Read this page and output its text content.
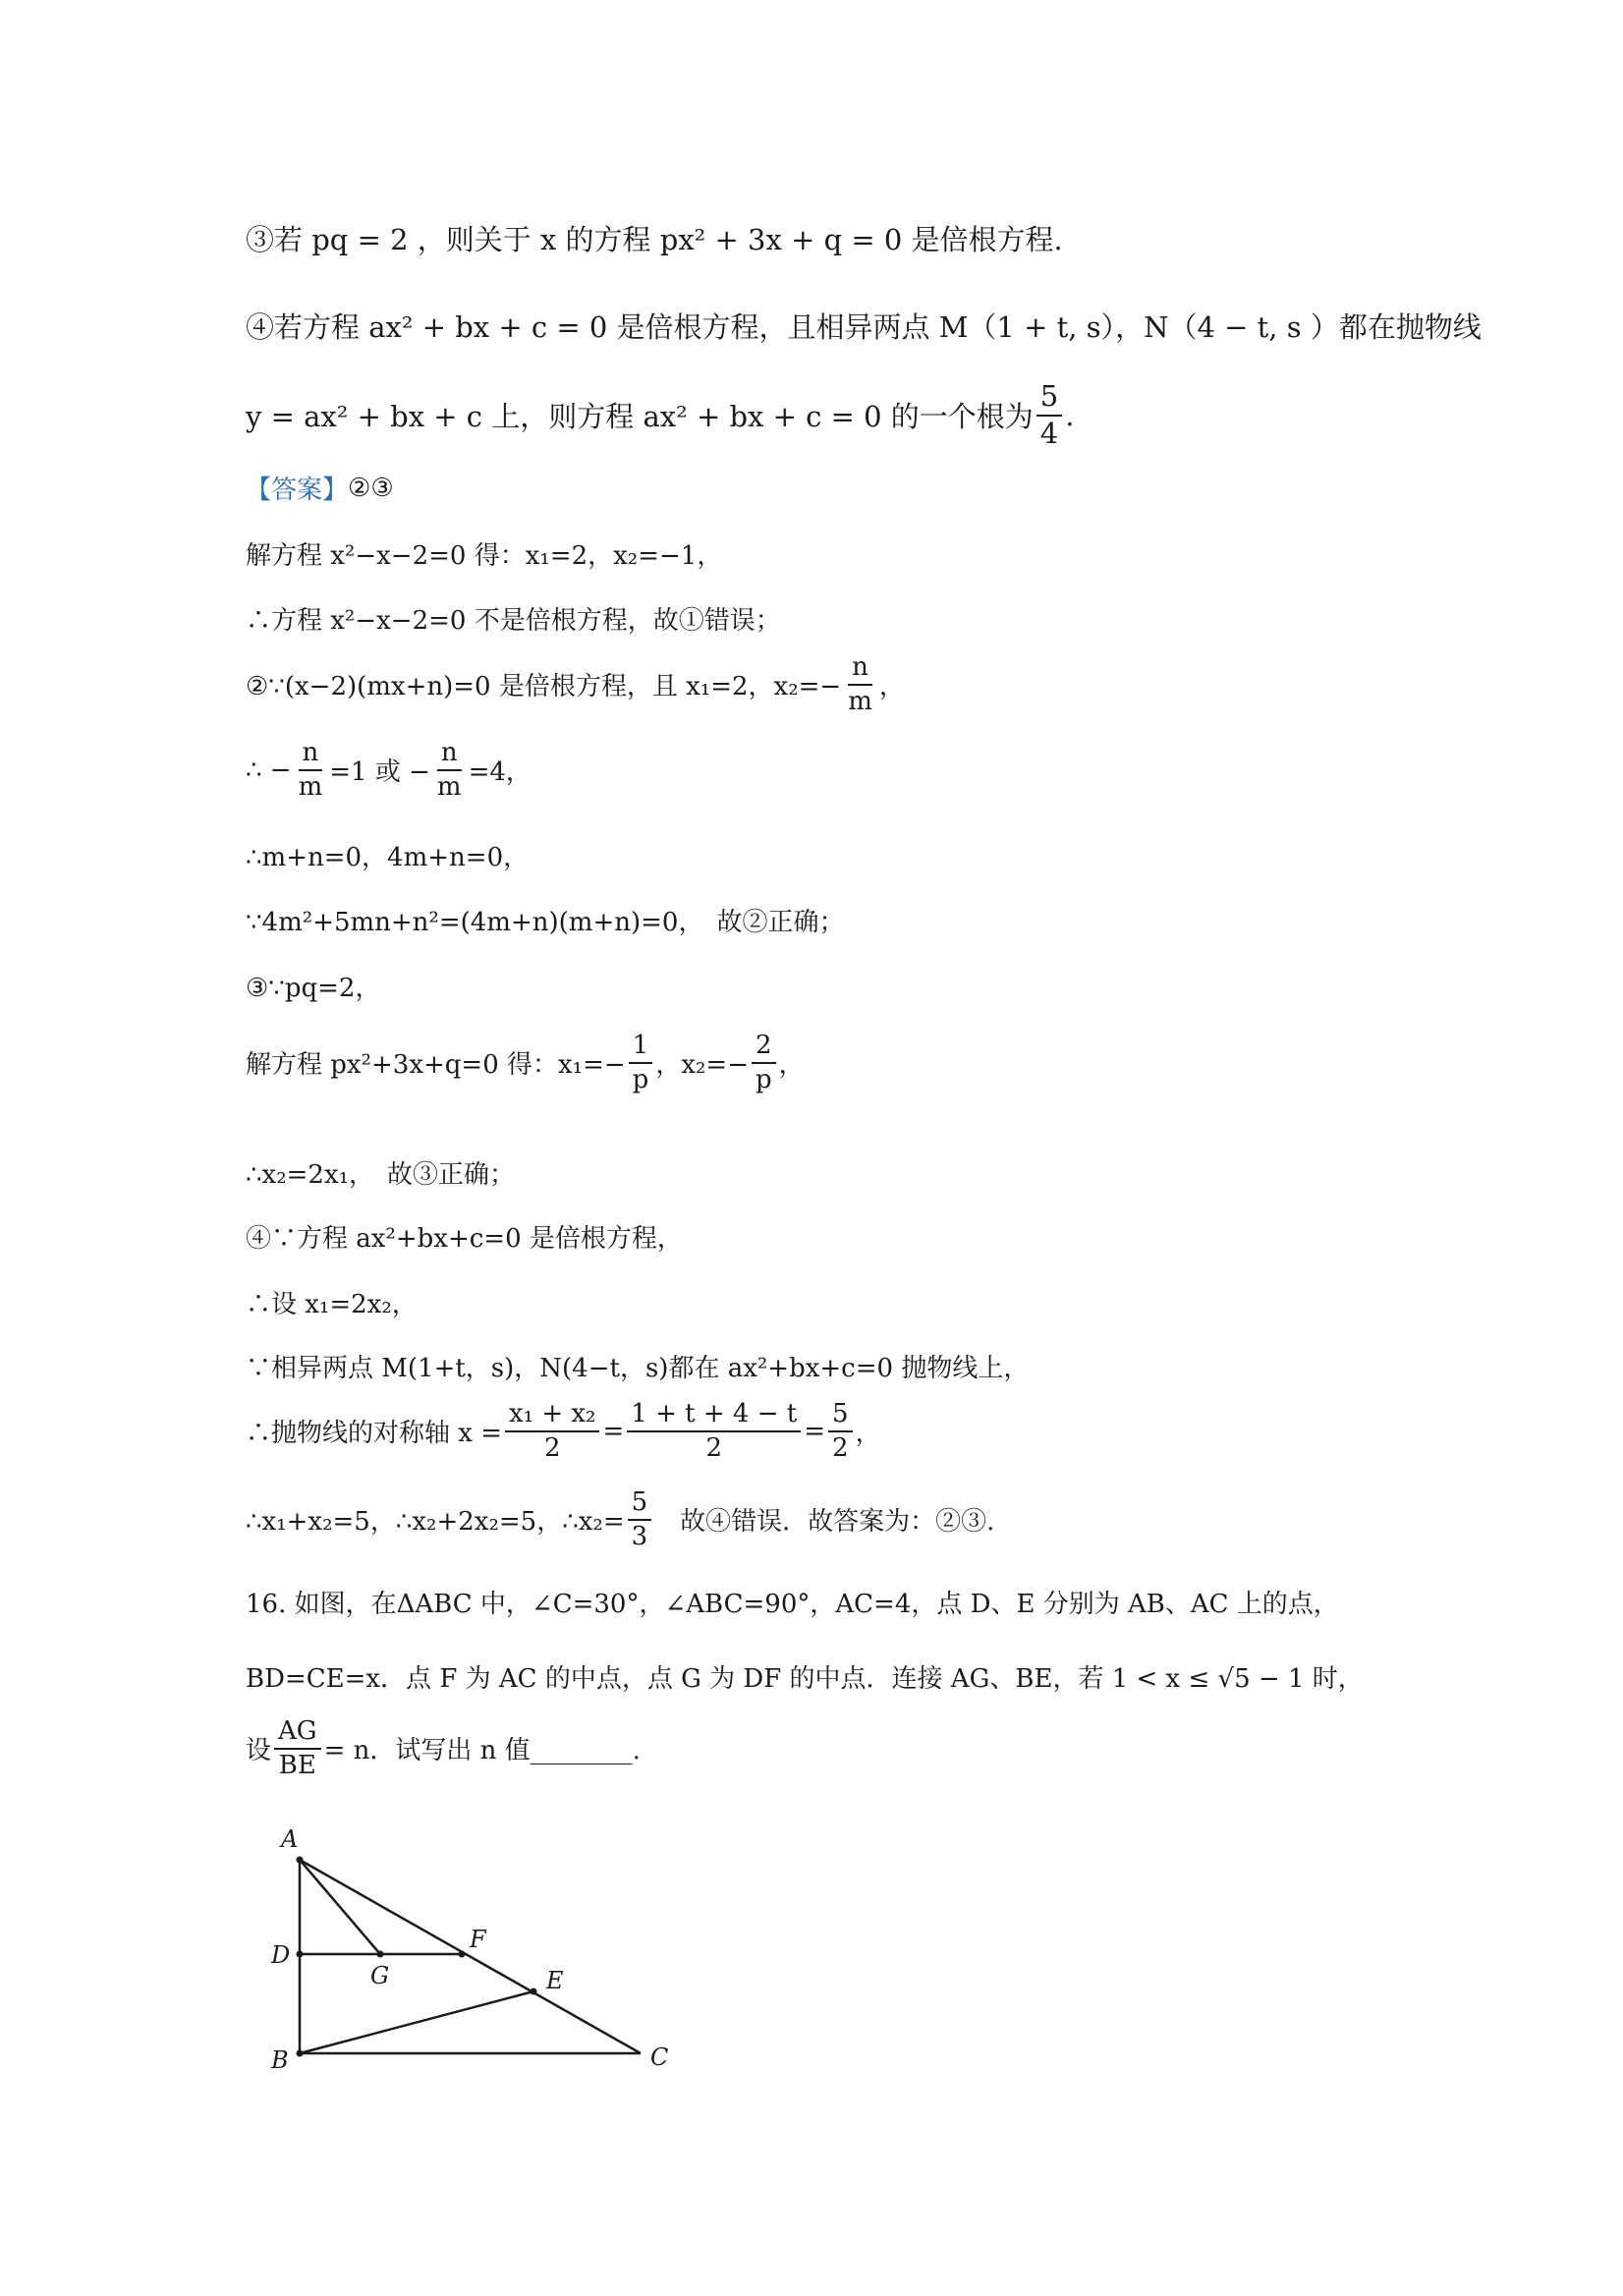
③若 pq = 2 ，则关于 x 的方程 px² + 3x + q = 0 是倍根方程.
④若方程 ax² + bx + c = 0 是倍根方程，且相异两点 M（1 + t, s），N（4 − t, s ）都在抛物线
y = ax² + bx + c 上，则方程 ax² + bx + c = 0 的一个根为 $\frac{5}{4}$ .
【答案】 ②③
解方程 x²−x−2=0 得：x₁=2，x₂=−1，
∴方程 x²−x−2=0 不是倍根方程，故①错误；
②∵(x−2)(mx+n)=0 是倍根方程，且 x₁=2，$x_2=- \frac{n}{m}$ ，
∴ − $\frac{n}{m} =1$ 或 − $\frac{n}{m} =4$，
∴m+n=0，4m+n=0，
∵4m²+5mn+n²=(4m+n)(m+n)=0，　故②正确；
③∵pq=2，
解方程 px²+3x+q=0 得：$x_1=- \frac{1}{p}$ ，$x_2=- \frac{2}{p}$ ，
∴x₂=2x₁，　故③正确；
④∵方程 ax²+bx+c=0 是倍根方程，
∴设 x₁=2x₂，
∵相异两点 M(1+t，s)，N(4−t，s)都在 ax²+bx+c=0 抛物线上，
∴抛物线的对称轴 $x = \frac{\text{x₁ + x₂}}{2} = \frac{1 + t + 4 - t}{2} = \frac{5}{2}$ ，
∴x₁+x₂=5，∴x₂+2x₂=5，∴x₂= $\frac{5}{3}$ 　故④错误．故答案为：②③.
16. 如图，在ΔABC 中，∠C=30°，∠ABC=90°，AC=4，点 D、E 分别为 AB、AC 上的点，
BD=CE=x．点 F 为 AC 的中点，点 G 为 DF 的中点．连接 AG、BE，若 1 < x ≤ √5 − 1 时，
设 $\frac{AG}{BE} = n$．试写出 n 值________.
A
D
B
G
F
E
C
